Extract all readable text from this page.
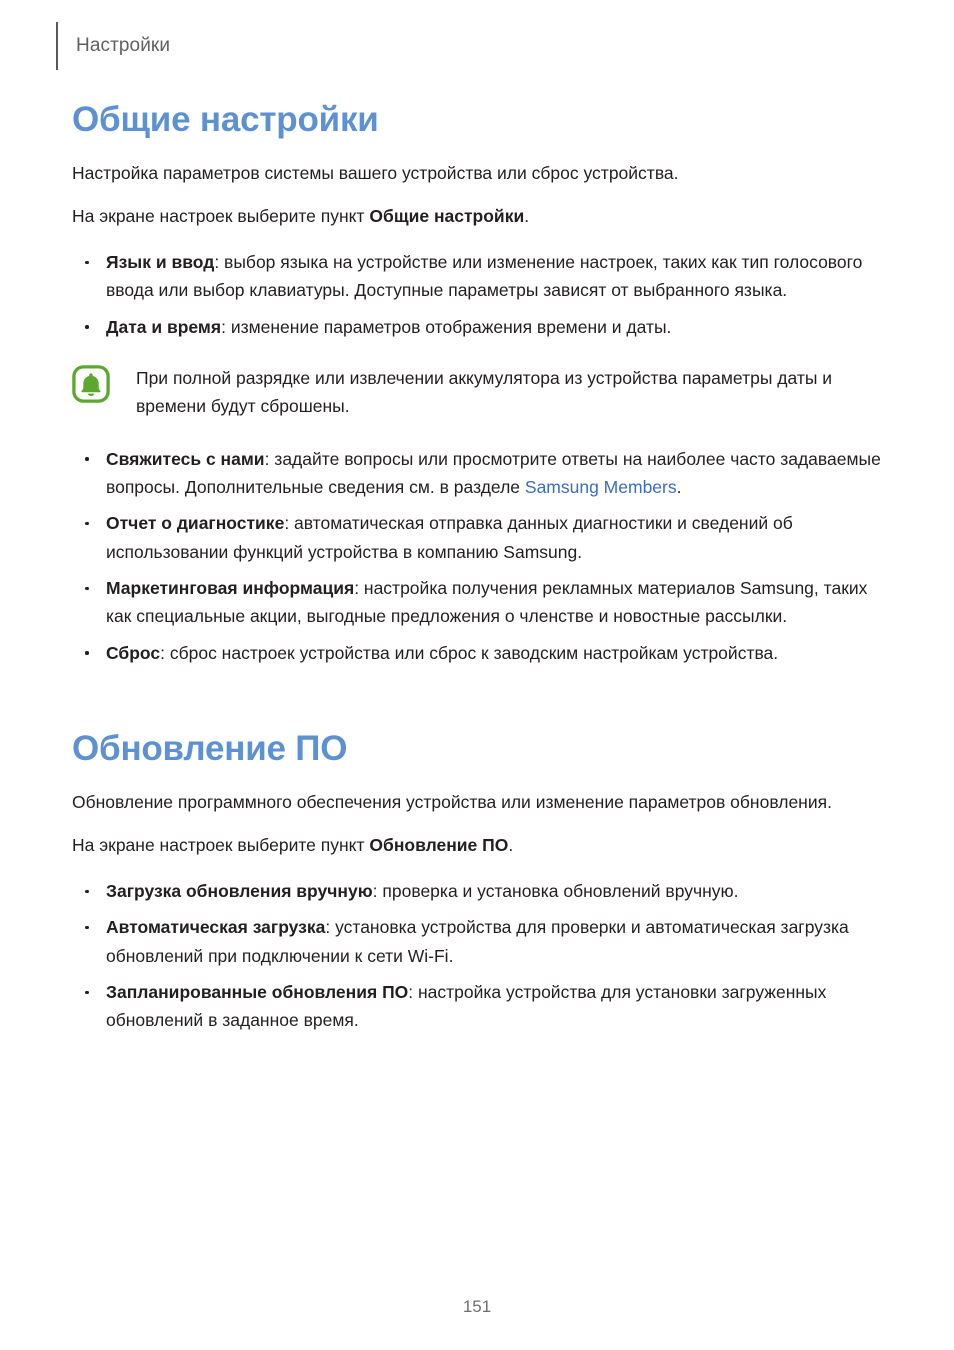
Настройки
Общие настройки

Настройка параметров системы вашего устройства или сброс устройства.

На экране настроек выберите пункт Общие настройки.

Язык и ввод: выбор языка на устройстве или изменение настроек, таких как тип голосового ввода или выбор клавиатуры. Доступные параметры зависят от выбранного языка.
Дата и время: изменение параметров отображения времени и даты.
При полной разрядке или извлечении аккумулятора из устройства параметры даты и времени будут сброшены.
Свяжитесь с нами: задайте вопросы или просмотрите ответы на наиболее часто задаваемые вопросы. Дополнительные сведения см. в разделе Samsung Members.
Отчет о диагностике: автоматическая отправка данных диагностики и сведений об использовании функций устройства в компанию Samsung.
Маркетинговая информация: настройка получения рекламных материалов Samsung, таких как специальные акции, выгодные предложения о членстве и новостные рассылки.
Сброс: сброс настроек устройства или сброс к заводским настройкам устройства.
Обновление ПО

Обновление программного обеспечения устройства или изменение параметров обновления.

На экране настроек выберите пункт Обновление ПО.

Загрузка обновления вручную: проверка и установка обновлений вручную.
Автоматическая загрузка: установка устройства для проверки и автоматическая загрузка обновлений при подключении к сети Wi-Fi.
Запланированные обновления ПО: настройка устройства для установки загруженных обновлений в заданное время.
151
